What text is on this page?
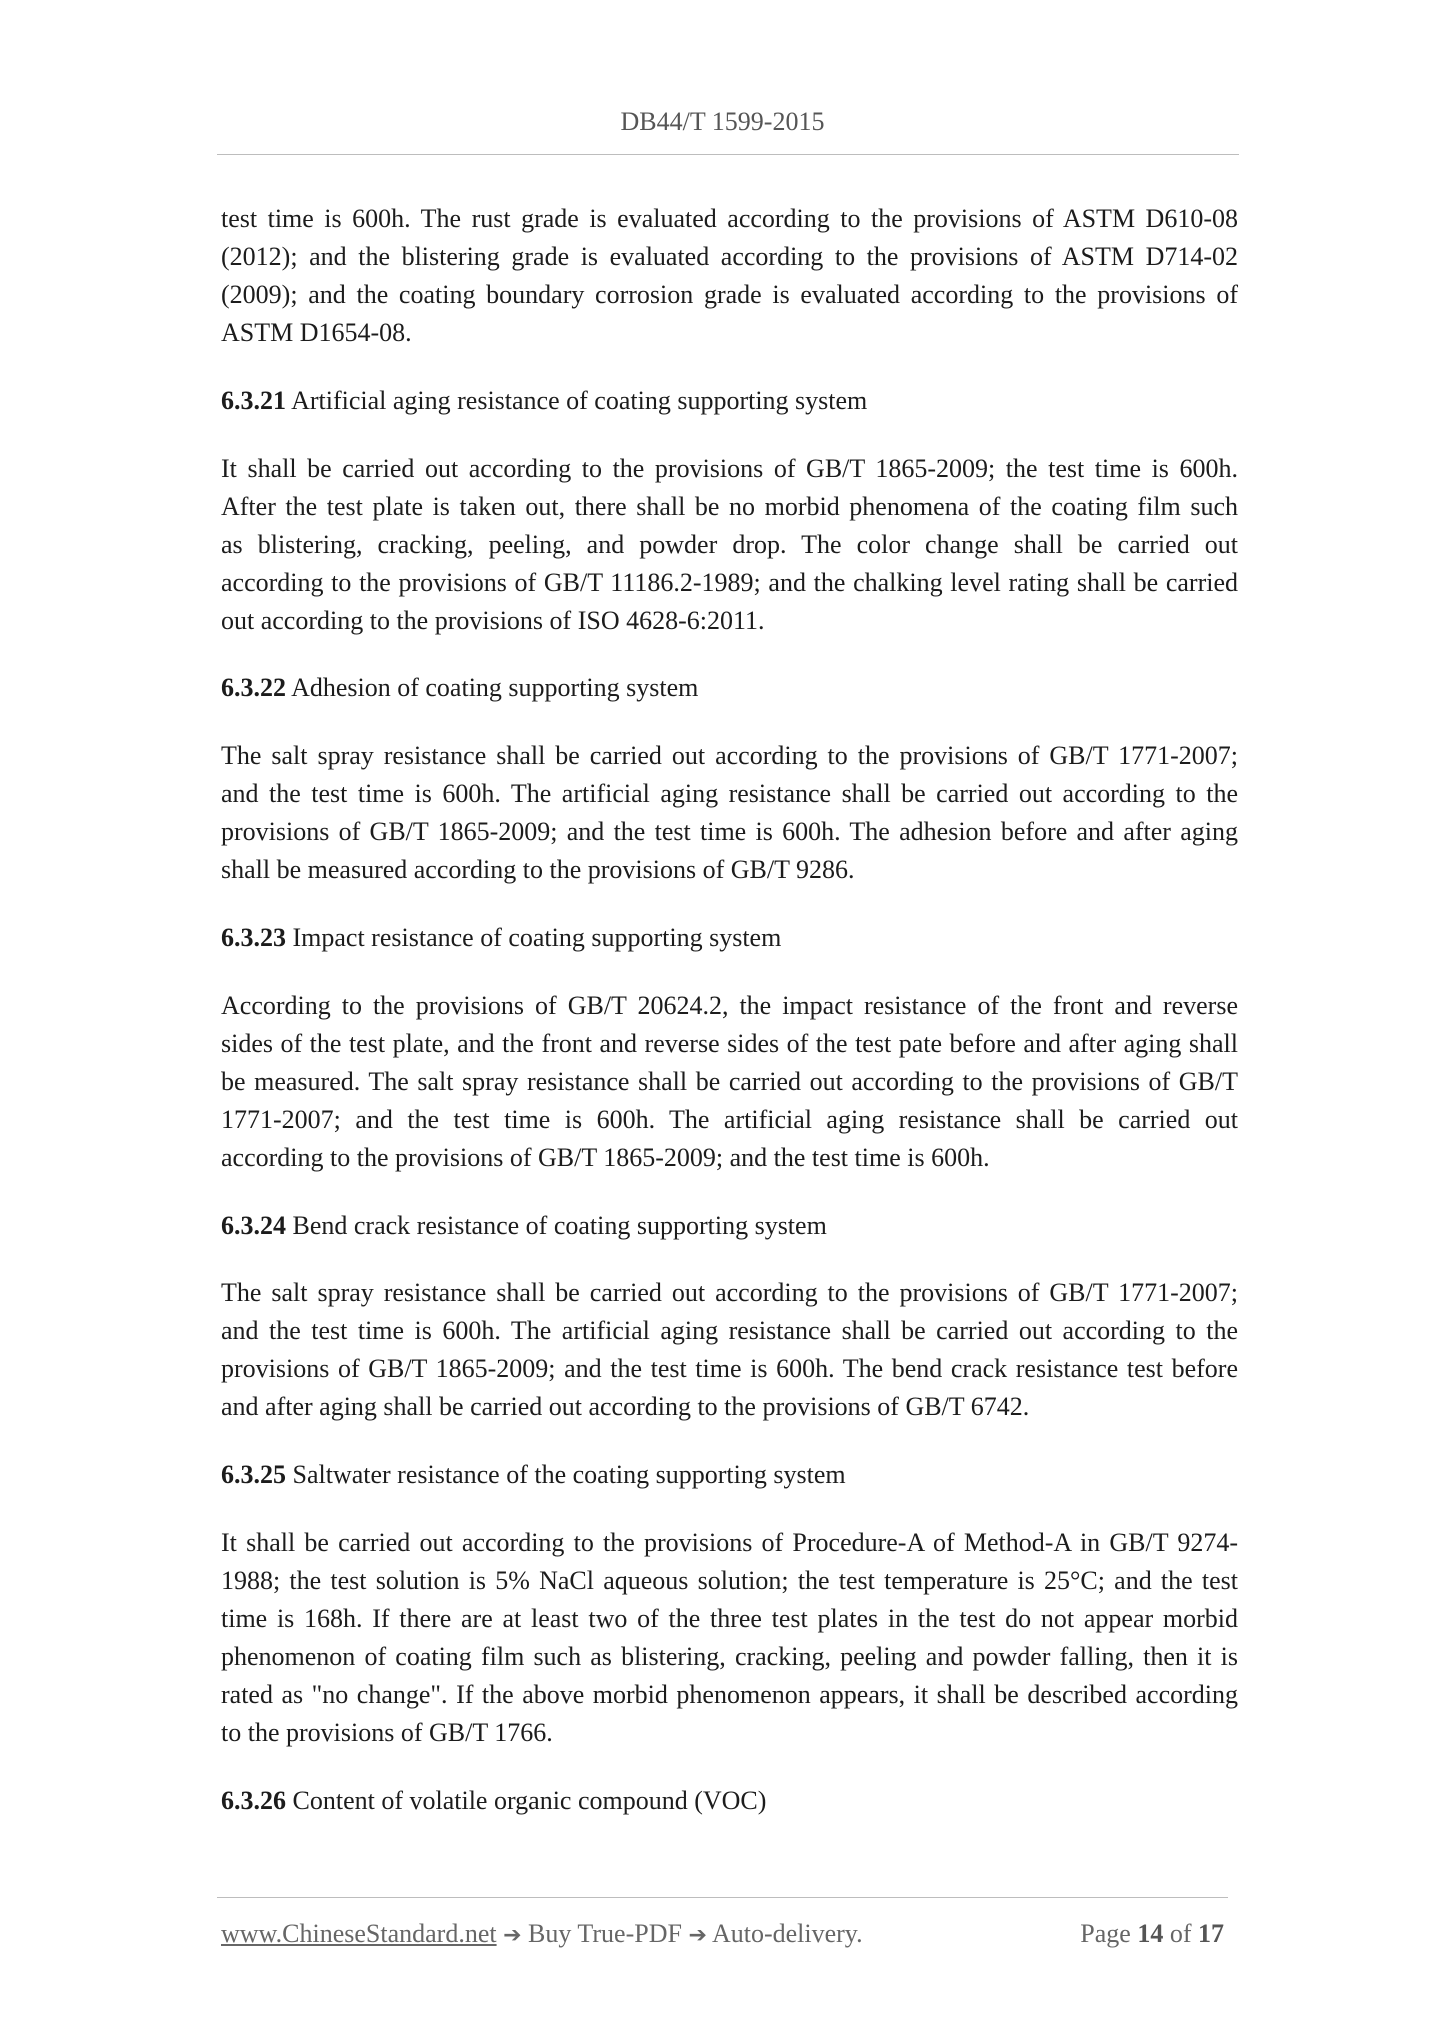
DB44/T 1599-2015
test time is 600h. The rust grade is evaluated according to the provisions of ASTM D610-08
(2012); and the blistering grade is evaluated according to the provisions of ASTM D714-02
(2009); and the coating boundary corrosion grade is evaluated according to the provisions of
ASTM D1654-08.
6.3.21 Artificial aging resistance of coating supporting system
It shall be carried out according to the provisions of GB/T 1865-2009; the test time is 600h.
After the test plate is taken out, there shall be no morbid phenomena of the coating film such
as blistering, cracking, peeling, and powder drop. The color change shall be carried out
according to the provisions of GB/T 11186.2-1989; and the chalking level rating shall be carried
out according to the provisions of ISO 4628-6:2011.
6.3.22 Adhesion of coating supporting system
The salt spray resistance shall be carried out according to the provisions of GB/T 1771-2007;
and the test time is 600h. The artificial aging resistance shall be carried out according to the
provisions of GB/T 1865-2009; and the test time is 600h. The adhesion before and after aging
shall be measured according to the provisions of GB/T 9286.
6.3.23 Impact resistance of coating supporting system
According to the provisions of GB/T 20624.2, the impact resistance of the front and reverse
sides of the test plate, and the front and reverse sides of the test pate before and after aging shall
be measured. The salt spray resistance shall be carried out according to the provisions of GB/T
1771-2007; and the test time is 600h. The artificial aging resistance shall be carried out
according to the provisions of GB/T 1865-2009; and the test time is 600h.
6.3.24 Bend crack resistance of coating supporting system
The salt spray resistance shall be carried out according to the provisions of GB/T 1771-2007;
and the test time is 600h. The artificial aging resistance shall be carried out according to the
provisions of GB/T 1865-2009; and the test time is 600h. The bend crack resistance test before
and after aging shall be carried out according to the provisions of GB/T 6742.
6.3.25 Saltwater resistance of the coating supporting system
It shall be carried out according to the provisions of Procedure-A of Method-A in GB/T 9274-
1988; the test solution is 5% NaCl aqueous solution; the test temperature is 25°C; and the test
time is 168h. If there are at least two of the three test plates in the test do not appear morbid
phenomenon of coating film such as blistering, cracking, peeling and powder falling, then it is
rated as "no change". If the above morbid phenomenon appears, it shall be described according
to the provisions of GB/T 1766.
6.3.26 Content of volatile organic compound (VOC)
www.ChineseStandard.net ➔ Buy True-PDF ➔ Auto-delivery.	Page 14 of 17
